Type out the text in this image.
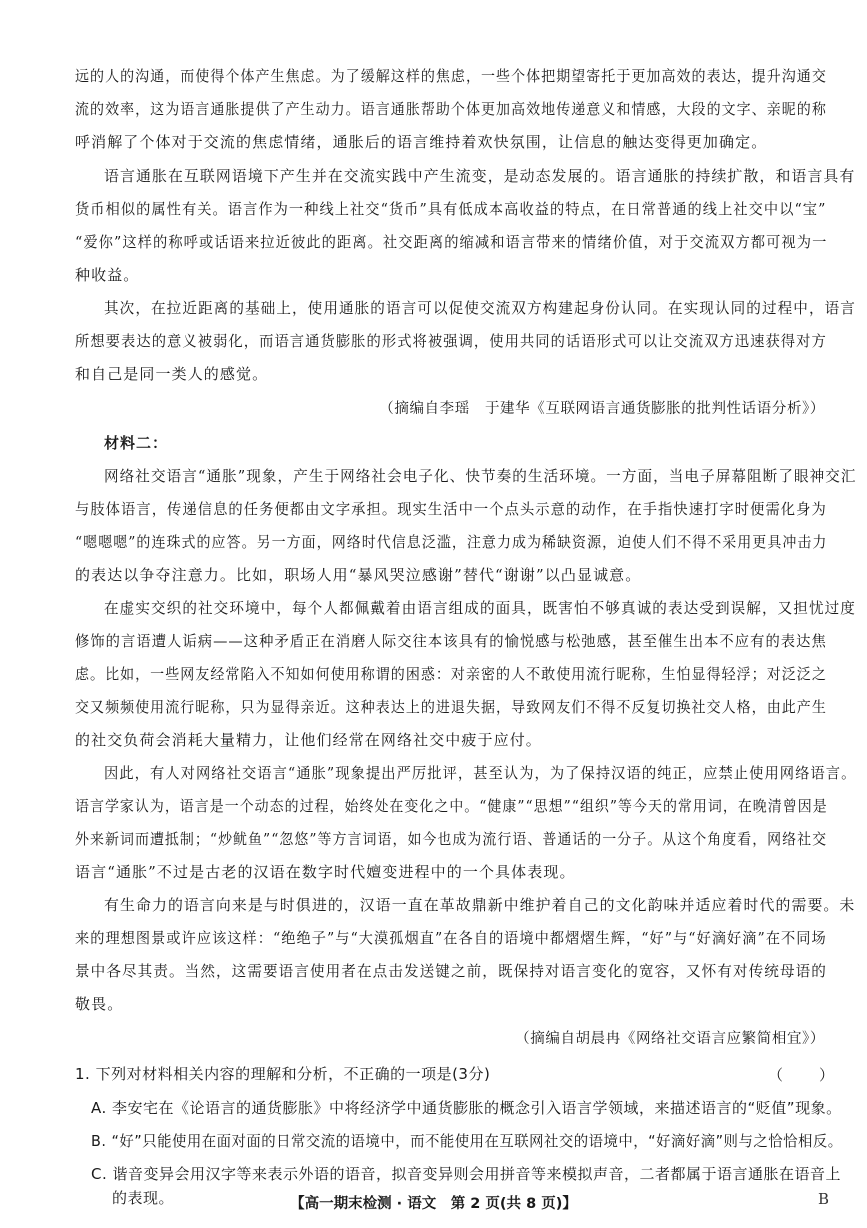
远的人的沟通，而使得个体产生焦虑。为了缓解这样的焦虑，一些个体把期望寄托于更加高效的表达，提升沟通交
流的效率，这为语言通胀提供了产生动力。语言通胀帮助个体更加高效地传递意义和情感，大段的文字、亲昵的称
呼消解了个体对于交流的焦虑情绪，通胀后的语言维持着欢快氛围，让信息的触达变得更加确定。
语言通胀在互联网语境下产生并在交流实践中产生流变，是动态发展的。语言通胀的持续扩散，和语言具有
货币相似的属性有关。语言作为一种线上社交“货币”具有低成本高收益的特点，在日常普通的线上社交中以“宝”
“爱你”这样的称呼或话语来拉近彼此的距离。社交距离的缩减和语言带来的情绪价值，对于交流双方都可视为一
种收益。
其次，在拉近距离的基础上，使用通胀的语言可以促使交流双方构建起身份认同。在实现认同的过程中，语言
所想要表达的意义被弱化，而语言通货膨胀的形式将被强调，使用共同的话语形式可以让交流双方迅速获得对方
和自己是同一类人的感觉。
（摘编自李瑶　于建华《互联网语言通货膨胀的批判性话语分析》）
材料二：
网络社交语言“通胀”现象，产生于网络社会电子化、快节奏的生活环境。一方面，当电子屏幕阻断了眼神交汇
与肢体语言，传递信息的任务便都由文字承担。现实生活中一个点头示意的动作，在手指快速打字时便需化身为
“嗯嗯嗯”的连珠式的应答。另一方面，网络时代信息泛滥，注意力成为稀缺资源，迫使人们不得不采用更具冲击力
的表达以争夺注意力。比如，职场人用“暴风哭泣感谢”替代“谢谢”以凸显诚意。
在虚实交织的社交环境中，每个人都佩戴着由语言组成的面具，既害怕不够真诚的表达受到误解，又担忧过度
修饰的言语遭人诟病——这种矛盾正在消磨人际交往本该具有的愉悦感与松弛感，甚至催生出本不应有的表达焦
虑。比如，一些网友经常陷入不知如何使用称谓的困惑：对亲密的人不敢使用流行昵称，生怕显得轻浮；对泛泛之
交又频频使用流行昵称，只为显得亲近。这种表达上的进退失据，导致网友们不得不反复切换社交人格，由此产生
的社交负荷会消耗大量精力，让他们经常在网络社交中疲于应付。
因此，有人对网络社交语言“通胀”现象提出严厉批评，甚至认为，为了保持汉语的纯正，应禁止使用网络语言。
语言学家认为，语言是一个动态的过程，始终处在变化之中。“健康”“思想”“组织”等今天的常用词，在晚清曾因是
外来新词而遭抵制；“炒鱿鱼”“忽悠”等方言词语，如今也成为流行语、普通话的一分子。从这个角度看，网络社交
语言“通胀”不过是古老的汉语在数字时代嬗变进程中的一个具体表现。
有生命力的语言向来是与时俱进的，汉语一直在革故鼎新中维护着自己的文化韵味并适应着时代的需要。未
来的理想图景或许应该这样：“绝绝子”与“大漠孤烟直”在各自的语境中都熠熠生辉，“好”与“好滴好滴”在不同场
景中各尽其责。当然，这需要语言使用者在点击发送键之前，既保持对语言变化的宽容，又怀有对传统母语的
敬畏。
（摘编自胡晨冉《网络社交语言应繁简相宜》）
1. 下列对材料相关内容的理解和分析，不正确的一项是(3分)	（　　）
A. 李安宅在《论语言的通货膨胀》中将经济学中通货膨胀的概念引入语言学领域，来描述语言的“贬值”现象。
B. “好”只能使用在面对面的日常交流的语境中，而不能使用在互联网社交的语境中，“好滴好滴”则与之恰恰相反。
C. 谐音变异会用汉字等来表示外语的语音，拟音变异则会用拼音等来模拟声音，二者都属于语言通胀在语音上
的表现。	【高一期末检测 · 语文　第 2 页(共 8 页)】	B
